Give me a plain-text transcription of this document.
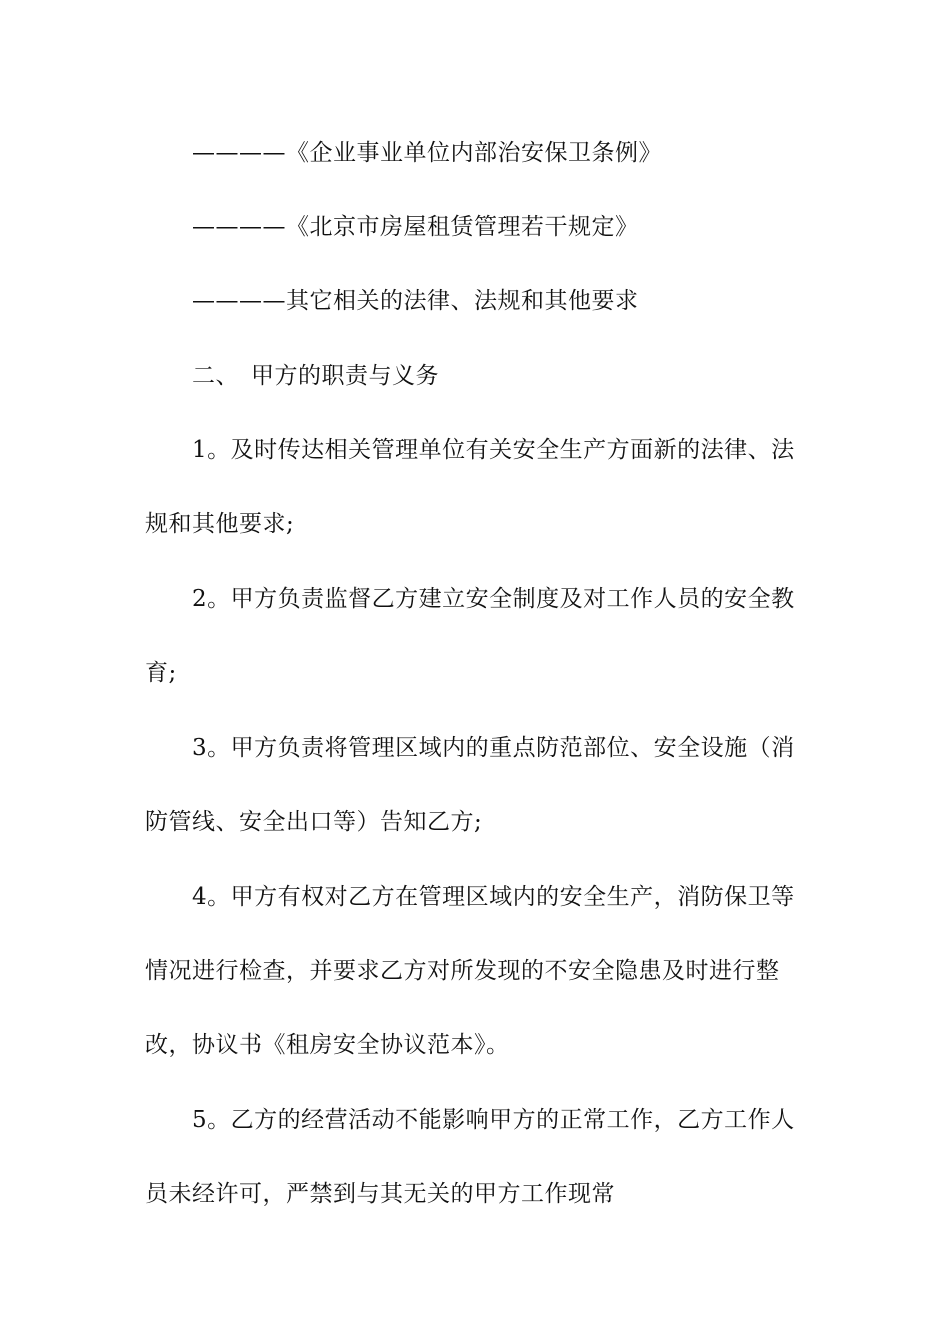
————《企业事业单位内部治安保卫条例》
————《北京市房屋租赁管理若干规定》
————其它相关的法律、法规和其他要求
二、　甲方的职责与义务
1。及时传达相关管理单位有关安全生产方面新的法律、法
规和其他要求;
2。甲方负责监督乙方建立安全制度及对工作人员的安全教
育;
3。甲方负责将管理区域内的重点防范部位、安全设施（消
防管线、安全出口等）告知乙方;
4。甲方有权对乙方在管理区域内的安全生产，消防保卫等
情况进行检查，并要求乙方对所发现的不安全隐患及时进行整
改，协议书《租房安全协议范本》。
5。乙方的经营活动不能影响甲方的正常工作，乙方工作人
员未经许可，严禁到与其无关的甲方工作现常
